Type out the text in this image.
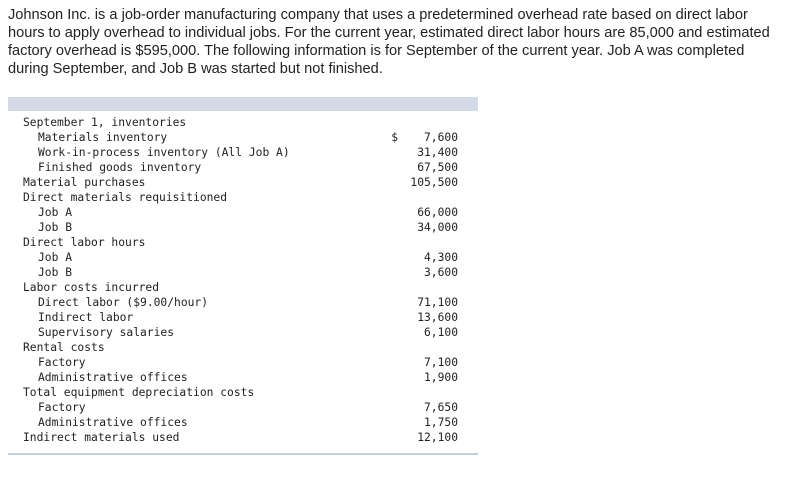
Johnson Inc. is a job-order manufacturing company that uses a predetermined overhead rate based on direct labor hours to apply overhead to individual jobs. For the current year, estimated direct labor hours are 85,000 and estimated factory overhead is $595,000. The following information is for September of the current year. Job A was completed during September, and Job B was started but not finished.

September 1, inventories
Materials inventory	$	7,600
Work-in-process inventory (All Job A)	31,400
Finished goods inventory	67,500
Material purchases	105,500
Direct materials requisitioned
Job A	66,000
Job B	34,000
Direct labor hours
Job A	4,300
Job B	3,600
Labor costs incurred
Direct labor ($9.00/hour)	71,100
Indirect labor	13,600
Supervisory salaries	6,100
Rental costs
Factory	7,100
Administrative offices	1,900
Total equipment depreciation costs
Factory	7,650
Administrative offices	1,750
Indirect materials used	12,100
